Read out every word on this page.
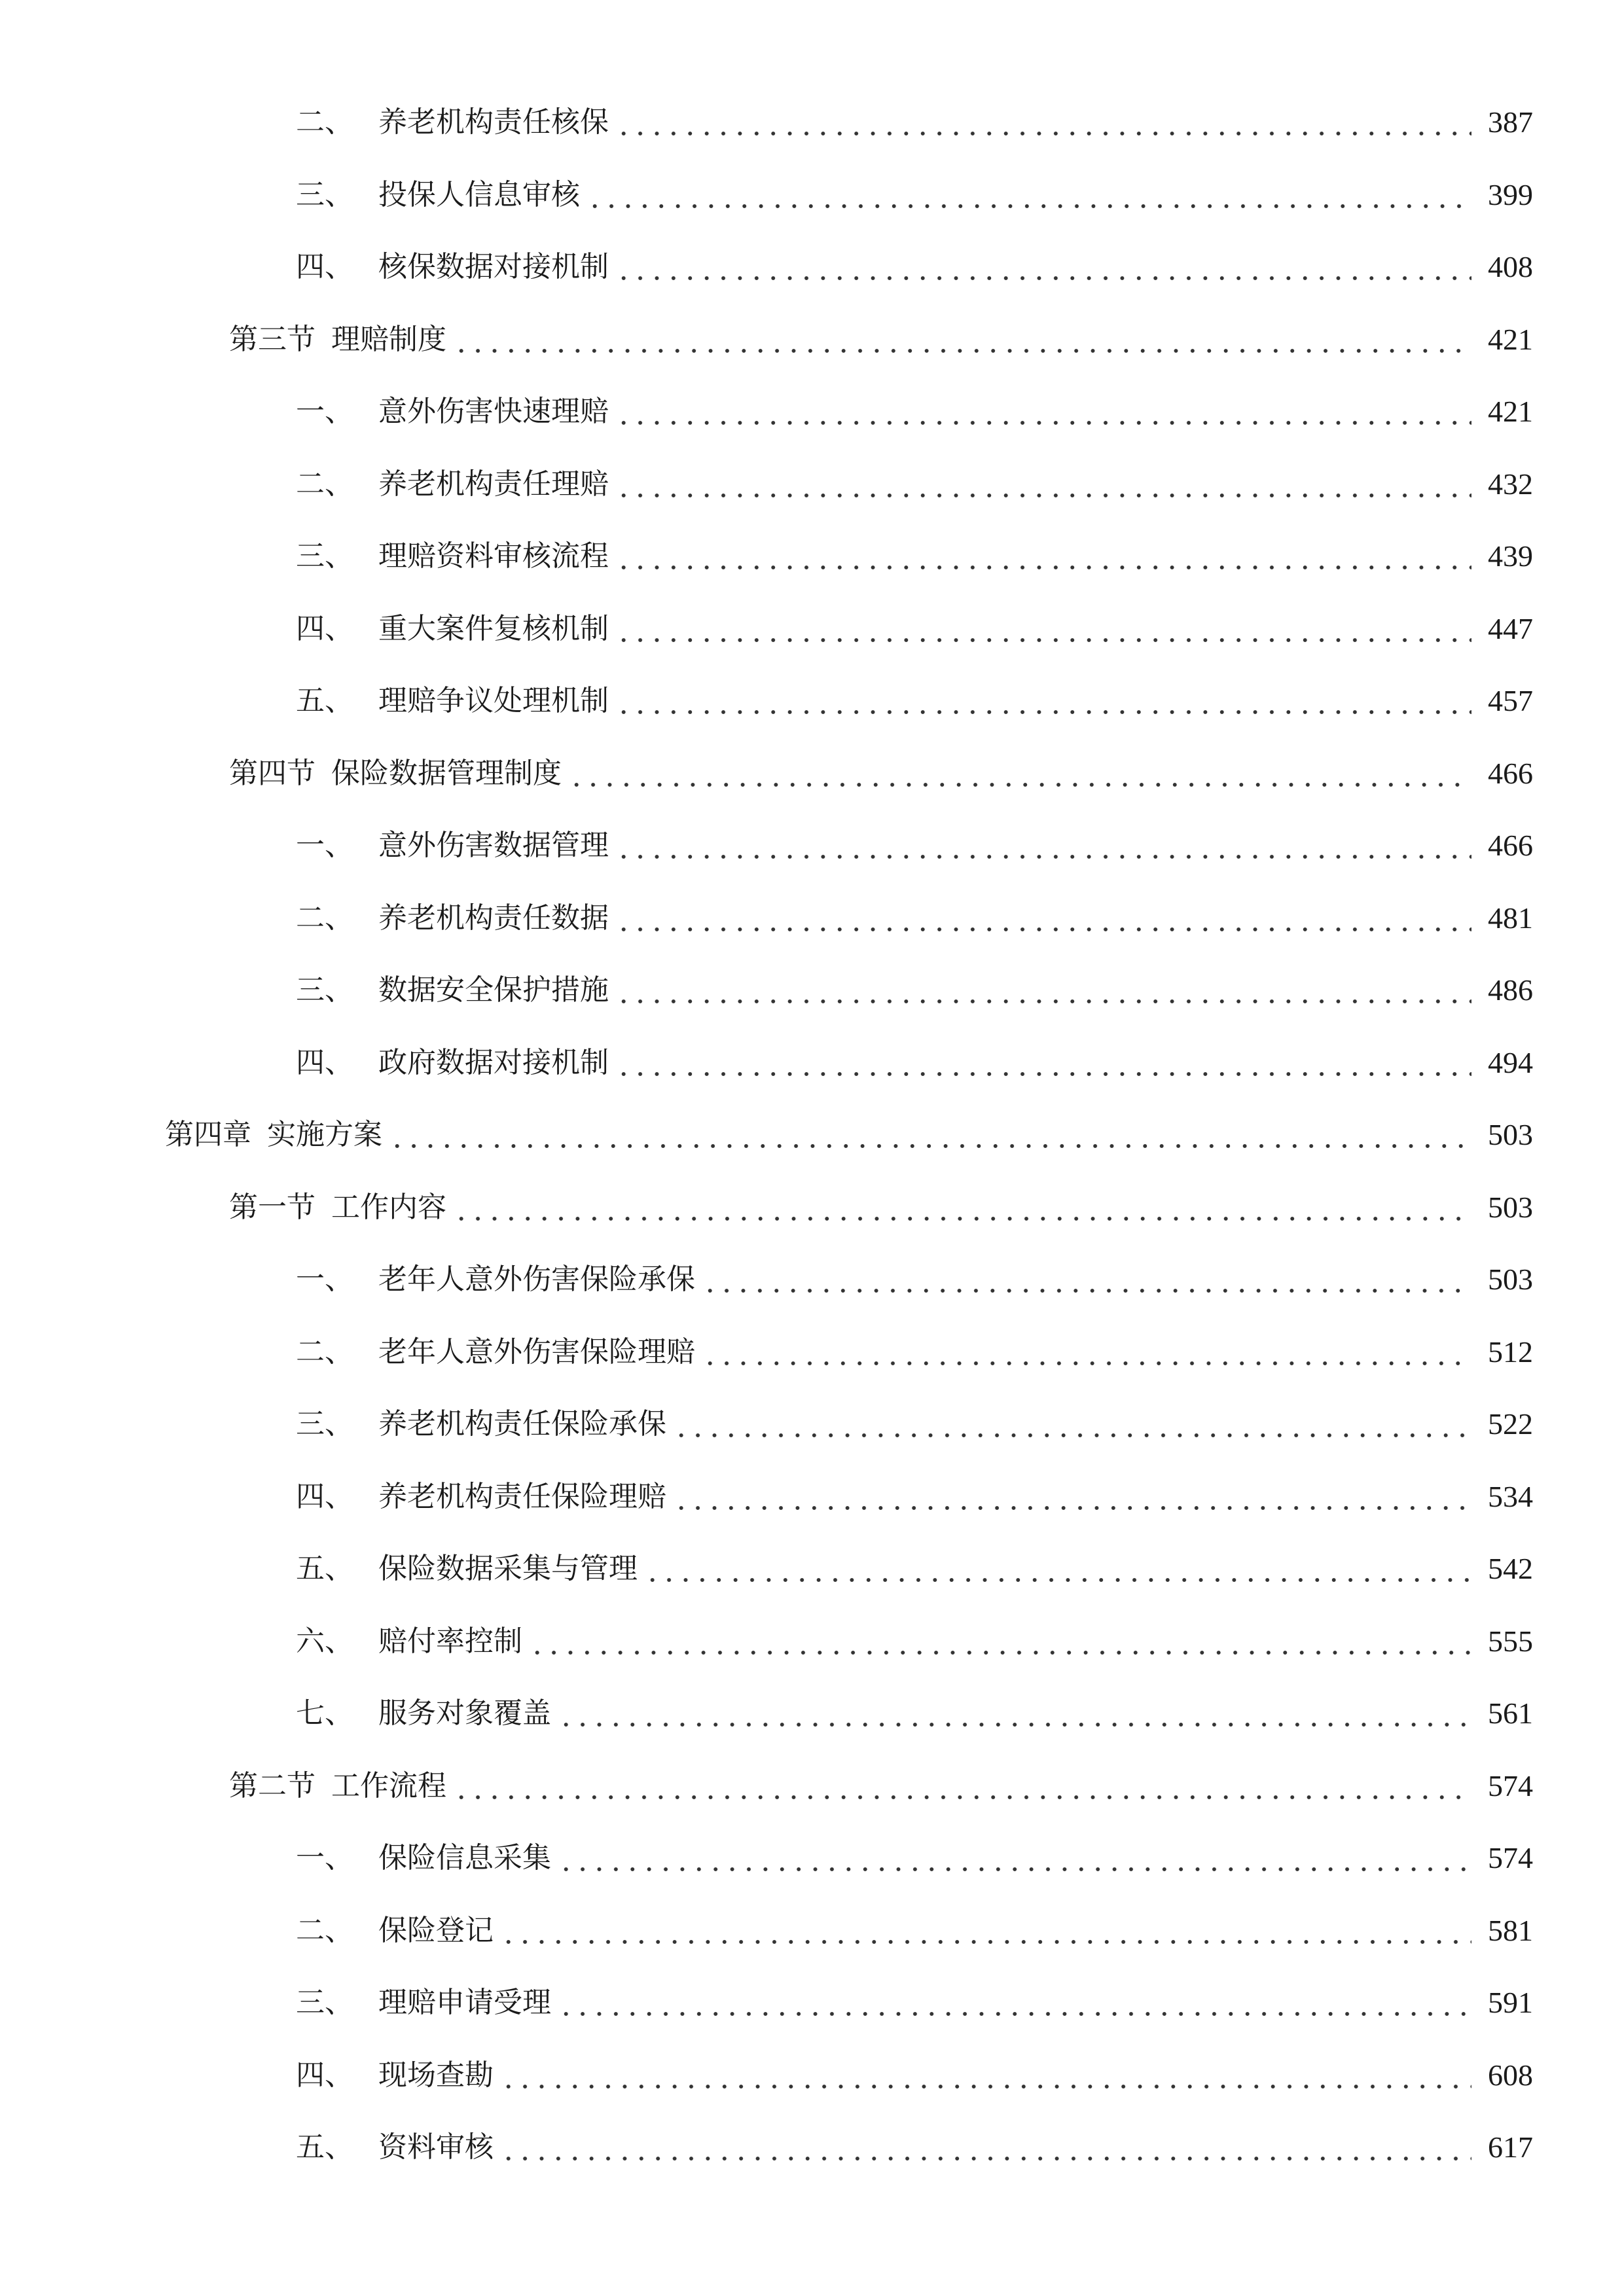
二、 养老机构责任核保	387
三、 投保人信息审核	399
四、 核保数据对接机制	408
第三节 理赔制度	421
一、 意外伤害快速理赔	421
二、 养老机构责任理赔	432
三、 理赔资料审核流程	439
四、 重大案件复核机制	447
五、 理赔争议处理机制	457
第四节 保险数据管理制度	466
一、 意外伤害数据管理	466
二、 养老机构责任数据	481
三、 数据安全保护措施	486
四、 政府数据对接机制	494
第四章 实施方案	503
第一节 工作内容	503
一、 老年人意外伤害保险承保	503
二、 老年人意外伤害保险理赔	512
三、 养老机构责任保险承保	522
四、 养老机构责任保险理赔	534
五、 保险数据采集与管理	542
六、 赔付率控制	555
七、 服务对象覆盖	561
第二节 工作流程	574
一、 保险信息采集	574
二、 保险登记	581
三、 理赔申请受理	591
四、 现场查勘	608
五、 资料审核	617
